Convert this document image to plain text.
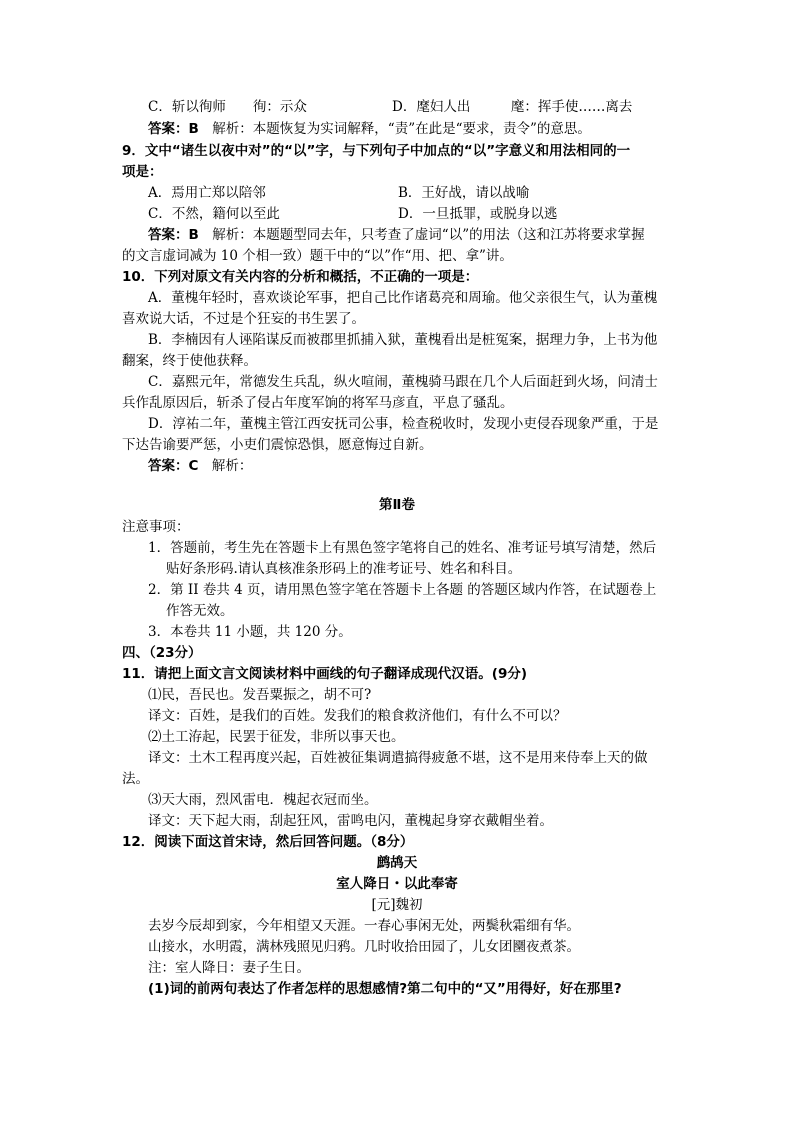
C．斩以徇师　　徇：示众	D．麾妇人出　　　麾：挥手使……离去
答案：B　解析：本题恢复为实词解释，“责”在此是“要求，责令”的意思。
9．文中“诸生以夜中对”的“以”字，与下列句子中加点的“以”字意义和用法相同的一
项是：
A．焉用亡郑以陪邻	B．王好战，请以战喻
C．不然，籍何以至此	D．一旦抵罪，或脱身以逃
答案：B　解析：本题题型同去年，只考查了虚词“以”的用法（这和江苏将要求掌握
的文言虚词减为 10 个相一致）题干中的“以”作“用、把、拿”讲。
10．下列对原文有关内容的分析和概括，不正确的一项是：
A．董槐年轻时，喜欢谈论军事，把自己比作诸葛亮和周瑜。他父亲很生气，认为董槐
喜欢说大话，不过是个狂妄的书生罢了。
B．李楠因有人诬陷谋反而被郡里抓捕入狱，董槐看出是桩冤案，据理力争，上书为他
翻案，终于使他获释。
C．嘉熙元年，常德发生兵乱，纵火喧闹，董槐骑马跟在几个人后面赶到火场，问清士
兵作乱原因后，斩杀了侵占年度军饷的将军马彦直，平息了骚乱。
D．淳祐二年，董槐主管江西安抚司公事，检查税收时，发现小吏侵吞现象严重，于是
下达告谕要严惩，小吏们震惊恐惧，愿意悔过自新。
答案：C　解析：
第Ⅱ卷
注意事项：
1．答题前，考生先在答题卡上有黑色签字笔将自己的姓名、准考证号填写清楚，然后
贴好条形码.请认真核准条形码上的准考证号、姓名和科目。
2．第 II 卷共 4 页，请用黑色签字笔在答题卡上各题 的答题区域内作答，在试题卷上
作答无效。
3．本卷共 11 小题，共 120 分。
四、（23分）
11．请把上面文言文阅读材料中画线的句子翻译成现代汉语。(9分)
⑴民，吾民也。发吾粟振之，胡不可?
译文：百姓，是我们的百姓。发我们的粮食救济他们，有什么不可以？
⑵土工洊起，民罢于征发，非所以事天也。
译文：土木工程再度兴起，百姓被征集调遣搞得疲惫不堪，这不是用来侍奉上天的做
法。
⑶天大雨，烈风雷电．槐起衣冠而坐。
译文：天下起大雨，刮起狂风，雷鸣电闪，董槐起身穿衣戴帽坐着。
12．阅读下面这首宋诗，然后回答问题。（8分）
鹧鸪天
室人降日・以此奉寄
[元]魏初
去岁今辰却到家，今年相望又天涯。一春心事闲无处，两鬓秋霜细有华。
山接水，水明霞，满林残照见归鸦。几时收拾田园了，儿女团圞夜煮茶。
注：室人降日：妻子生日。
(1)词的前两句表达了作者怎样的思想感情?第二句中的“又”用得好，好在那里?
